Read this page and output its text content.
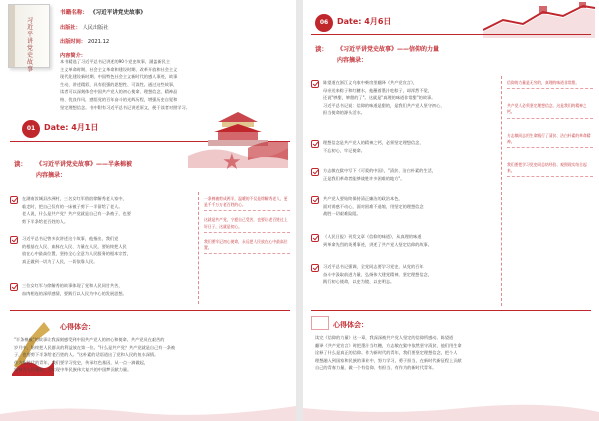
习近平讲党史故事
书籍名称： 《习近平讲党史故事》
出版社： 人民出版社
出版时间： 2021.12
内容简介：
本书精选了习近平总书记讲述的90个党史故事，涵盖新民主
主义革命时期、社会主义革命和建设时期、改革开放和社会主义
现代化建设新时期、中国特色社会主义新时代的感人事迹，故事
生动，讲述精彩，具有很强的思想性、可读性。通过这些故事，
读者可以深刻体会中国共产党人的初心使命、理想信念、精神品
格、优良作风，感悟党的百年奋斗的光辉历程，增强历史自觉和
坚定理想信念。书中附有习近平总书记讲述原文，便于读者对照学习。
01	Date: 4月1日
读： 《习近平讲党史故事》——半条棉被
内容摘录：
★
在湖南汝城县沙洲村，三名女红军借宿徐解秀老人家中，
临走时，把自己仅有的一床被子剪下一半留给了老人。
老人说，什么是共产党？共产党就是自己有一条被子，也要
剪下半条给老百姓的人。
习近平总书记曾多次讲述这个故事，他指出，我们党
的根基在人民、血脉在人民、力量在人民，要始终把人民
放在心中最高位置，坚持全心全意为人民服务的根本宗旨，
真正做到一切为了人民，一切依靠人民。
三位女红军与徐解秀的故事体现了党和人民同甘共苦，
血肉相连的深厚感情，要践行以人民为中心的发展思想。
一条棉被剪成两半，温暖的不仅是徐解秀老人，更是千千万万老百姓的心。
这就是共产党，宁愿自己受苦，也要让老百姓过上好日子，这就是初心。
我们要牢记初心使命，永远把人民放在心中最高位置。
心得体会：
"半条棉被"的故事让我深刻感受到中国共产党人的初心和使命。共产党员在艰苦的
岁月中，始终把人民群众的利益放在第一位。"什么是共产党？共产党就是自己有一条被
子，也要剪下半条给老百姓的人。"这朴素的话语道出了党和人民的鱼水深情。
作为新时代的青年，我们要学习党史，传承红色基因，从一点一滴做起，
坚持为人民服务，为实现中华民族伟大复兴的中国梦贡献力量。
06	Date: 4月6日
读： 《习近平讲党史故事》——信仰的力量
内容摘录：
陈望道在浙江义乌家中柴房里翻译《共产党宣言》，
母亲送来粽子和红糖水，他蘸着墨汁吃粽子，却浑然不觉，
还说"够甜，够甜的了"。这就是"真理的味道非常甜"的故事。
习近平总书记说：信仰的味道是甜的，是我们共产党人坚守初心、
担当使命的源头活水。
理想信念是共产党人的精神之钙，必须坚定理想信念，
不忘初心，牢记使命。
方志敏在狱中写下《可爱的中国》，"清贫、洁白朴素的生活，
正是我们革命者能够战胜许多困难的地方"。
共产党人要始终保持清正廉洁的政治本色，
面对诱惑不动心，面对困难不退缩，用坚定的理想信念
战胜一切艰难险阻。
《人民日报》刊发文章《信仰的味道》，从真理的味道
到革命先烈的英勇事迹，讲述了共产党人坚定信仰的故事。
习近平总书记强调，全党同志要学习党史，从党的百年
奋斗中汲取前进力量，弘扬伟大建党精神，坚定理想信念，
践行初心使命，以史为镜、以史明志。
信仰的力量是无穷的，真理的味道非常甜。
共产党人必须坚定理想信念，这是我们的精神之钙。
方志敏同志用生命践行了清贫、洁白朴素的革命精神。
我们要把学习党史同总结经验、观照现实结合起来。
心得体会：
读完《信仰的力量》这一章，我深深被共产党人坚定的信仰所感动。陈望道
翻译《共产党宣言》时把墨汁当红糖，方志敏在狱中依然坚守清贫，他们用生命
诠释了什么是真正的信仰。作为新时代的青年，我们要坚定理想信念，把个人
理想融入到国家和民族的事业中，努力学习，勇于担当，在新时代新征程上贡献
自己的青春力量，做一个有信仰、有担当、有作为的新时代青年。
